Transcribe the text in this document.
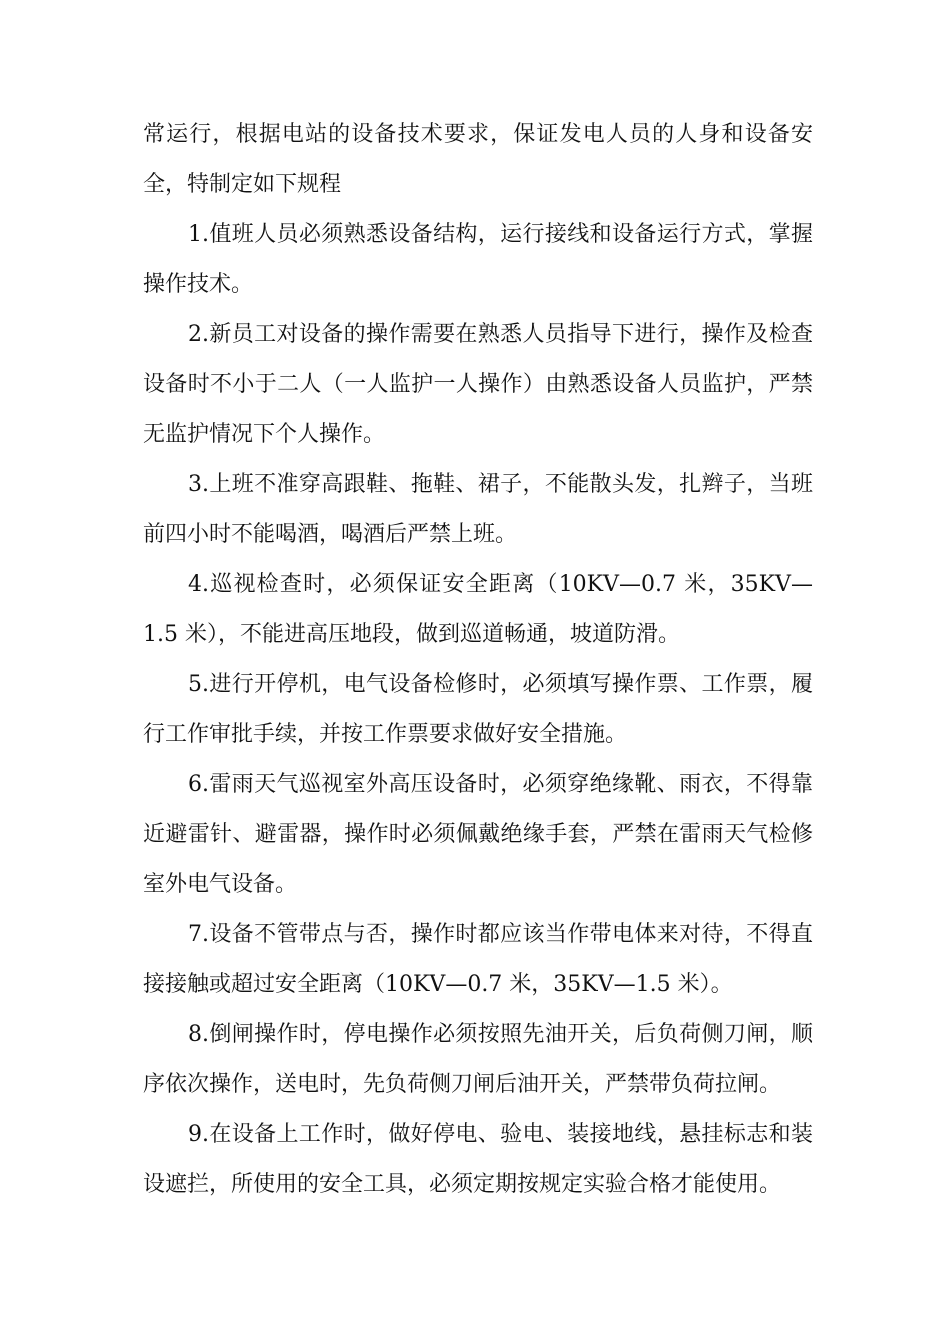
常运行，根据电站的设备技术要求，保证发电人员的人身和设备安全，特制定如下规程

1.值班人员必须熟悉设备结构，运行接线和设备运行方式，掌握操作技术。

2.新员工对设备的操作需要在熟悉人员指导下进行，操作及检查设备时不小于二人（一人监护一人操作）由熟悉设备人员监护，严禁无监护情况下个人操作。

3.上班不准穿高跟鞋、拖鞋、裙子，不能散头发，扎辫子，当班前四小时不能喝酒，喝酒后严禁上班。

4.巡视检查时，必须保证安全距离（10KV—0.7 米，35KV—1.5 米），不能进高压地段，做到巡道畅通，坡道防滑。

5.进行开停机，电气设备检修时，必须填写操作票、工作票，履行工作审批手续，并按工作票要求做好安全措施。

6.雷雨天气巡视室外高压设备时，必须穿绝缘靴、雨衣，不得靠近避雷针、避雷器，操作时必须佩戴绝缘手套，严禁在雷雨天气检修室外电气设备。

7.设备不管带点与否，操作时都应该当作带电体来对待，不得直接接触或超过安全距离（10KV—0.7 米，35KV—1.5 米）。

8.倒闸操作时，停电操作必须按照先油开关，后负荷侧刀闸，顺序依次操作，送电时，先负荷侧刀闸后油开关，严禁带负荷拉闸。

9.在设备上工作时，做好停电、验电、装接地线，悬挂标志和装设遮拦，所使用的安全工具，必须定期按规定实验合格才能使用。
